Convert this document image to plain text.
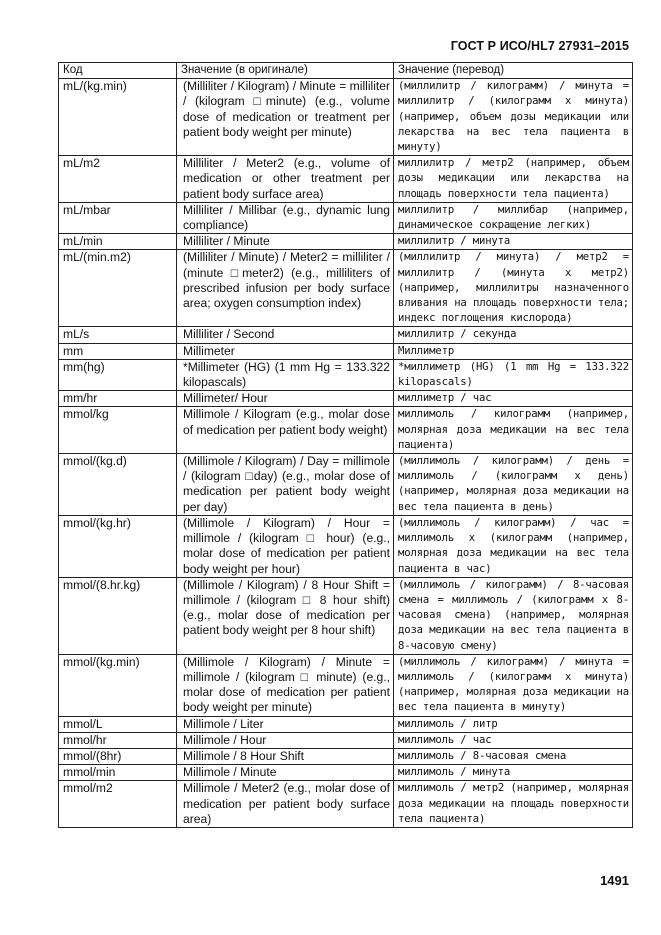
ГОСТ Р ИСО/HL7 27931–2015
Код	Значение (в оригинале)	Значение (перевод)
mL/(kg.min)	(Milliliter / Kilogram) / Minute = milliliter / (kilogram □minute) (e.g., volume dose of medication or treatment per patient body weight per minute)	(миллилитр / килограмм) / минута = миллилитр / (килограмм x минута) (например, объем дозы медикации или лекарства на вес тела пациента в минуту)
mL/m2	Milliliter / Meter2 (e.g., volume of medication or other treatment per patient body surface area)	миллилитр / метр2 (например, объем дозы медикации или лекарства на площадь поверхности тела пациента)
mL/mbar	Milliliter / Millibar (e.g., dynamic lung compliance)	миллилитр / миллибар (например, динамическое сокращение легких)
mL/min	Milliliter / Minute	миллилитр / минута
mL/(min.m2)	(Milliliter / Minute) / Meter2 = milliliter / (minute □meter2) (e.g., milliliters of prescribed infusion per body surface area; oxygen consumption index)	(миллилитр / минута) / метр2 = миллилитр / (минута x метр2) (например, миллилитры назначенного вливания на площадь поверхности тела; индекс поглощения кислорода)
mL/s	Milliliter / Second	миллилитр / секунда
mm	Millimeter	Миллиметр
mm(hg)	*Millimeter (HG) (1 mm Hg = 133.322 kilopascals)	*миллиметр (HG) (1 mm Hg = 133.322 kilopascals)
mm/hr	Millimeter/ Hour	миллиметр / час
mmol/kg	Millimole / Kilogram (e.g., molar dose of medication per patient body weight)	миллимоль / килограмм (например, молярная доза медикации на вес тела пациента)
mmol/(kg.d)	(Millimole / Kilogram) / Day = millimole / (kilogram □day) (e.g., molar dose of medication per patient body weight per day)	(миллимоль / килограмм) / день = миллимоль / (килограмм x день) (например, молярная доза медикации на вес тела пациента в день)
mmol/(kg.hr)	(Millimole / Kilogram) / Hour = millimole / (kilogram □ hour) (e.g., molar dose of medication per patient body weight per hour)	(миллимоль / килограмм) / час = миллимоль x (килограмм (например, молярная доза медикации на вес тела пациента в час)
mmol/(8.hr.kg)	(Millimole / Kilogram) / 8 Hour Shift = millimole / (kilogram □ 8 hour shift) (e.g., molar dose of medication per patient body weight per 8 hour shift)	(миллимоль / килограмм) / 8-часовая смена = миллимоль / (килограмм x 8-часовая смена) (например, молярная доза медикации на вес тела пациента в 8-часовую смену)
mmol/(kg.min)	(Millimole / Kilogram) / Minute = millimole / (kilogram □ minute) (e.g., molar dose of medication per patient body weight per minute)	(миллимоль / килограмм) / минута = миллимоль / (килограмм x минута) (например, молярная доза медикации на вес тела пациента в минуту)
mmol/L	Millimole / Liter	миллимоль / литр
mmol/hr	Millimole / Hour	миллимоль / час
mmol/(8hr)	Millimole / 8 Hour Shift	миллимоль / 8-часовая смена
mmol/min	Millimole / Minute	миллимоль / минута
mmol/m2	Millimole / Meter2 (e.g., molar dose of medication per patient body surface area)	миллимоль / метр2 (например, молярная доза медикации на площадь поверхности тела пациента)
1491
